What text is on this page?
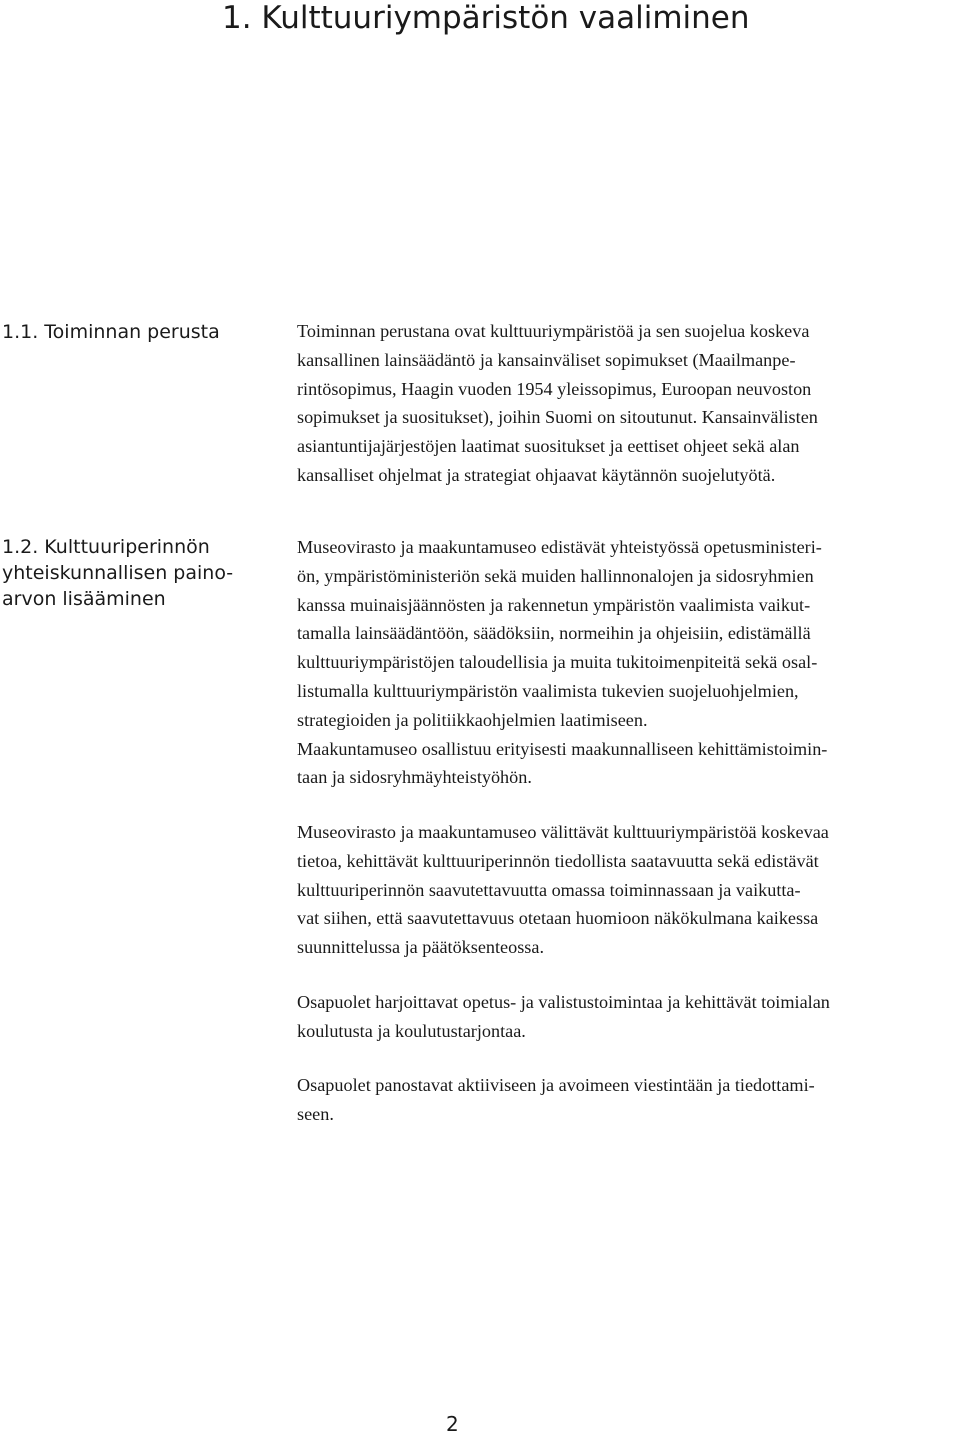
1. Kulttuuriympäristön vaaliminen
1.1. Toiminnan perusta	Toiminnan perustana ovat kulttuuriympäristöä ja sen suojelua koskeva
kansallinen lainsäädäntö ja kansainväliset sopimukset (Maailmanpe-
rintösopimus, Haagin vuoden 1954 yleissopimus, Euroopan neuvoston
sopimukset ja suositukset), joihin Suomi on sitoutunut. Kansainvälisten
asiantuntijajärjestöjen laatimat suositukset ja eettiset ohjeet sekä alan
kansalliset ohjelmat ja strategiat ohjaavat käytännön suojelutyötä.

1.2. Kulttuuriperinnön
yhteiskunnallisen paino-
arvon lisääminen

Museovirasto ja maakuntamuseo edistävät yhteistyössä opetusministeri-
ön, ympäristöministeriön sekä muiden hallinnonalojen ja sidosryhmien
kanssa muinaisjäännösten ja rakennetun ympäristön vaalimista vaikut-
tamalla lainsäädäntöön, säädöksiin, normeihin ja ohjeisiin, edistämällä
kulttuuriympäristöjen taloudellisia ja muita tukitoimenpiteitä sekä osal-
listumalla kulttuuriympäristön vaalimista tukevien suojeluohjelmien,
strategioiden ja politiikkaohjelmien laatimiseen.
Maakuntamuseo osallistuu erityisesti maakunnalliseen kehittämistoimin-
taan ja sidosryhmäyhteistyöhön.

Museovirasto ja maakuntamuseo välittävät kulttuuriympäristöä koskevaa
tietoa, kehittävät kulttuuriperinnön tiedollista saatavuutta sekä edistävät
kulttuuriperinnön saavutettavuutta omassa toiminnassaan ja vaikutta-
vat siihen, että saavutettavuus otetaan huomioon näkökulmana kaikessa
suunnittelussa ja päätöksenteossa.

Osapuolet harjoittavat opetus- ja valistustoimintaa ja kehittävät toimialan
koulutusta ja koulutustarjontaa.

Osapuolet panostavat aktiiviseen ja avoimeen viestintään ja tiedottami-
seen.

2
